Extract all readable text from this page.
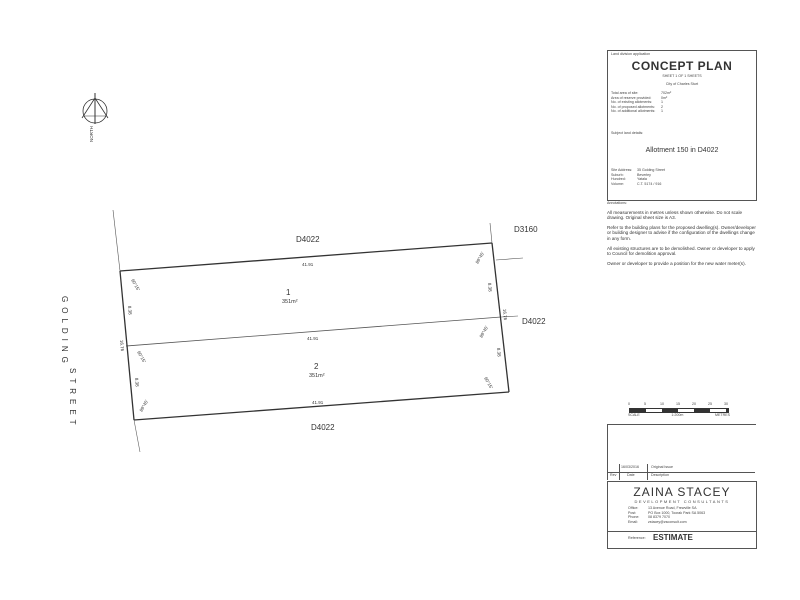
NORTH
D4022
D3160
D4022
D4022
GOLDING
STREET
1
351m²
2
351m²
41.91
41.91
41.91
8.38
8.38
16.76
8.38
8.38
16.76
90°15'
89°45'
90°15'
89°45'
89°45'
90°15'
Land division application
CONCEPT PLAN
SHEET 1 OF 1 SHEETS
City of Charles Sturt
Total area of site:	702m²
Area of reserve provided:	0m²
No. of existing allotments:	1
No. of proposed allotments:	2
No. of additional allotments:	1
Subject land details:
Allotment 150 in D4022
Site Address:	35 Golding Street
Suburb:	Beverley
Hundred:	Yatala
Volume:	C.T. 5174 / 916
Annotations:
All measurements in metres unless shown otherwise. Do not scale drawing. Original sheet size is A3.
Refer to the building plans for the proposed dwelling(s). Owner/developer or building designer to advise if the configuration of the dwellings change in any form.
All existing structures are to be demolished. Owner or developer to apply to Council for demolition approval.
Owner or developer to provide a position for the new water meter(s).
0	5	10	15	20	25	30
SCALE	1:200m	METRES
16/03/2016	Original Issue
Rev	Date	Description
ZAINA STACEY
DEVELOPMENT CONSULTANTS
Office:	13 Avenue Road, Frewville SA
Post:	PO Box 1000, Toorak Park SA 5063
Phone:	08 8379 7070
Email:	zstacey@zsconsult.com
Reference: ESTIMATE
